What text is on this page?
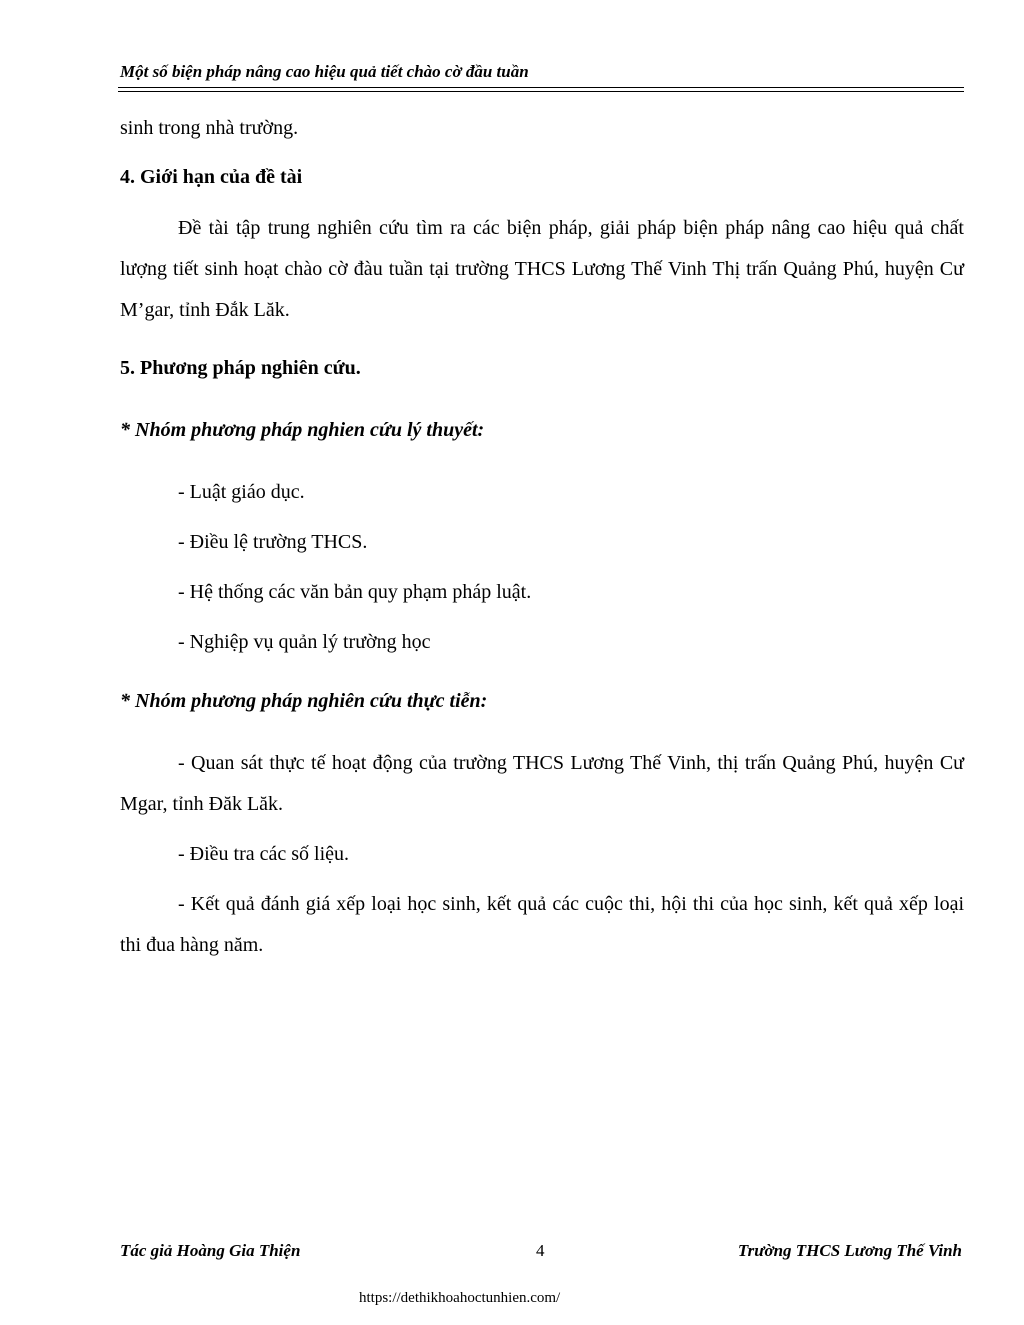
Một số biện pháp nâng cao hiệu quả tiết chào cờ đầu tuần
sinh trong nhà trường.
4. Giới hạn của đề tài
Đề tài tập trung nghiên cứu tìm ra các biện pháp, giải pháp biện pháp nâng cao hiệu quả chất lượng tiết sinh hoạt chào cờ đàu tuần tại trường THCS Lương Thế Vinh Thị trấn Quảng Phú, huyện Cư M’gar, tỉnh Đắk Lăk.
5. Phương pháp nghiên cứu.
* Nhóm phương pháp nghien cứu lý thuyết:
- Luật giáo dục.
- Điều lệ trường THCS.
- Hệ thống các văn bản quy phạm pháp luật.
- Nghiệp vụ quản lý trường học
* Nhóm phương pháp nghiên cứu thực tiễn:
- Quan sát thực tế hoạt động của trường THCS Lương Thế Vinh, thị trấn Quảng Phú, huyện Cư Mgar, tỉnh Đăk Lăk.
- Điều tra các số liệu.
- Kết quả đánh giá xếp loại học sinh, kết quả các cuộc thi, hội thi của học sinh, kết quả xếp loại thi đua hàng năm.
Tác giả Hoàng Gia Thiện	4	Trường THCS Lương Thế Vinh
https://dethikhoahoctunhien.com/
